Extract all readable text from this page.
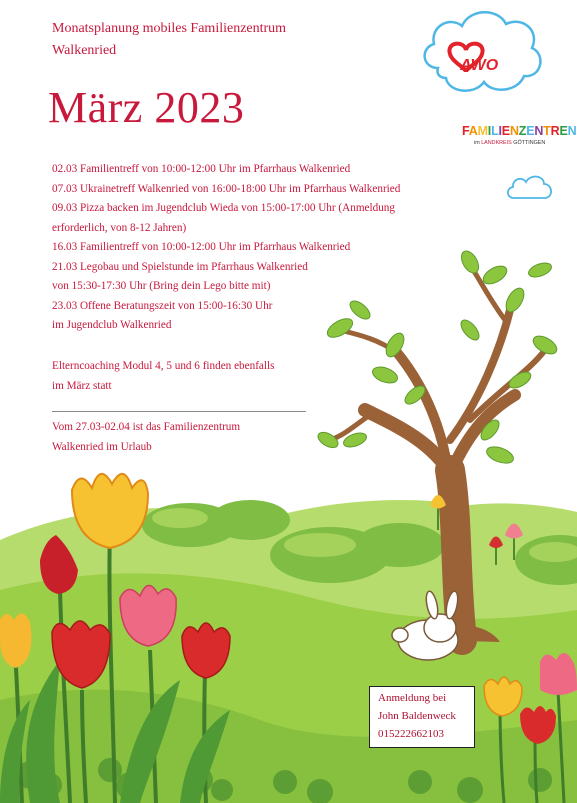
AWO
FAMILIENZENTREN
im LANDKREIS GÖTTINGEN
Monatsplanung mobiles Familienzentrum
Walkenried
März 2023
02.03 Familientreff von 10:00-12:00 Uhr im Pfarrhaus Walkenried
07.03 Ukrainetreff Walkenried von 16:00-18:00 Uhr im Pfarrhaus Walkenried
09.03 Pizza backen im Jugendclub Wieda von 15:00-17:00 Uhr (Anmeldung
erforderlich, von 8-12 Jahren)
16.03 Familientreff von 10:00-12:00 Uhr im Pfarrhaus Walkenried
21.03 Legobau und Spielstunde im Pfarrhaus Walkenried
von 15:30-17:30 Uhr (Bring dein Lego bitte mit)
23.03 Offene Beratungszeit von 15:00-16:30 Uhr
im Jugendclub Walkenried
Elterncoaching Modul 4, 5 und 6 finden ebenfalls
im März statt
Vom 27.03-02.04 ist das Familienzentrum
Walkenried im Urlaub
Anmeldung bei
John Baldenweck
015222662103
